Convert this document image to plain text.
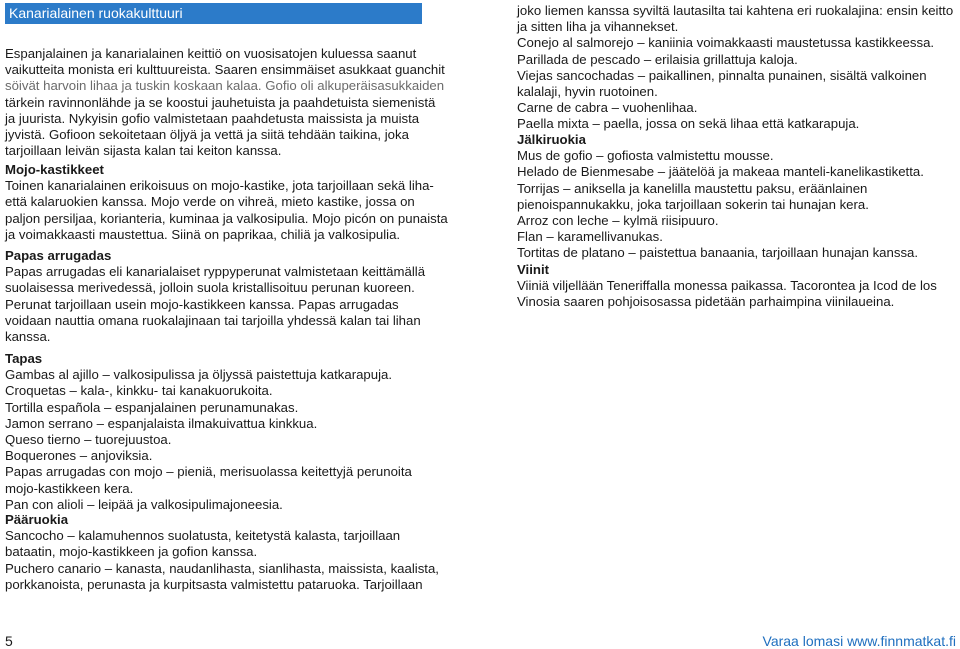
Kanarialainen ruokakulttuuri

Espanjalainen ja kanarialainen keittiö on vuosisatojen kuluessa saanut
vaikutteita monista eri kulttuureista. Saaren ensimmäiset asukkaat guanchit
söivät harvoin lihaa ja tuskin koskaan kalaa. Gofio oli alkuperäisasukkaiden
tärkein ravinnonlähde ja se koostui jauhetuista ja paahdetuista siemenistä
ja juurista. Nykyisin gofio valmistetaan paahdetusta maissista ja muista
jyvistä. Gofioon sekoitetaan öljyä ja vettä ja siitä tehdään taikina, joka
tarjoillaan leivän sijasta kalan tai keiton kanssa.

Mojo-kastikkeet
Toinen kanarialainen erikoisuus on mojo-kastike, jota tarjoillaan sekä liha-
että kalaruokien kanssa. Mojo verde on vihreä, mieto kastike, jossa on
paljon persiljaa, korianteria, kuminaa ja valkosipulia. Mojo picón on punaista
ja voimakkaasti maustettua. Siinä on paprikaa, chiliä ja valkosipulia.

Papas arrugadas
Papas arrugadas eli kanarialaiset ryppyperunat valmistetaan keittämällä
suolaisessa merivedessä, jolloin suola kristallisoituu perunan kuoreen.
Perunat tarjoillaan usein mojo-kastikkeen kanssa. Papas arrugadas
voidaan nauttia omana ruokalajinaan tai tarjoilla yhdessä kalan tai lihan
kanssa.

Tapas
Gambas al ajillo – valkosipulissa ja öljyssä paistettuja katkarapuja.
Croquetas – kala-, kinkku- tai kanakuorukoita.
Tortilla española – espanjalainen perunamunakas.
Jamon serrano – espanjalaista ilmakuivattua kinkkua.
Queso tierno – tuorejuustoa.
Boquerones – anjoviksia.
Papas arrugadas con mojo – pieniä, merisuolassa keitettyjä perunoita
mojo-kastikkeen kera.
Pan con alioli – leipää ja valkosipulimajoneesia.

Pääruokia
Sancocho – kalamuhennos suolatusta, keitetystä kalasta, tarjoillaan
bataatin, mojo-kastikkeen ja gofion kanssa.
Puchero canario – kanasta, naudanlihasta, sianlihasta, maissista, kaalista,
porkkanoista, perunasta ja kurpitsasta valmistettu pataruoka. Tarjoillaan

joko liemen kanssa syviltä lautasilta tai kahtena eri ruokalajina: ensin keitto
ja sitten liha ja vihannekset.
Conejo al salmorejo – kaniinia voimakkaasti maustetussa kastikkeessa.
Parillada de pescado – erilaisia grillattuja kaloja.
Viejas sancochadas – paikallinen, pinnalta punainen, sisältä valkoinen
kalalaji, hyvin ruotoinen.
Carne de cabra – vuohenlihaa.
Paella mixta – paella, jossa on sekä lihaa että katkarapuja.

Jälkiruokia
Mus de gofio – gofiosta valmistettu mousse.
Helado de Bienmesabe – jäätelöä ja makeaa manteli-kanelikastiketta.
Torrijas – aniksella ja kanelilla maustettu paksu, eräänlainen
pienoispannukakku, joka tarjoillaan sokerin tai hunajan kera.
Arroz con leche – kylmä riisipuuro.
Flan – karamellivanukas.
Tortitas de platano – paistettua banaania, tarjoillaan hunajan kanssa.

Viinit
Viiniä viljellään Teneriffalla monessa paikassa. Tacorontea ja Icod de los
Vinosia saaren pohjoisosassa pidetään parhaimpina viinilaueina.

5	Varaa lomasi www.finnmatkat.fi
